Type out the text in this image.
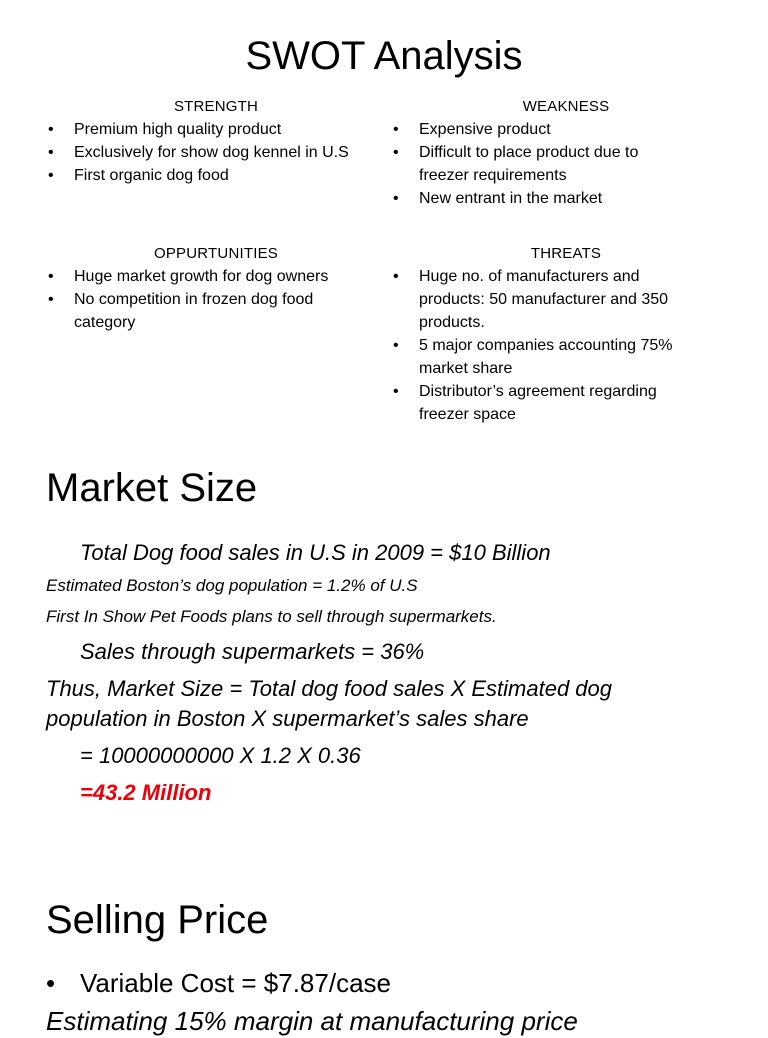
SWOT Analysis
STRENGTH
• Premium high quality product
• Exclusively for show dog kennel in U.S
• First organic dog food
WEAKNESS
• Expensive product
• Difficult to place product due to freezer requirements
• New entrant in the market
OPPURTUNITIES
• Huge market growth for dog owners
• No competition in frozen dog food category
THREATS
• Huge no. of manufacturers and products: 50 manufacturer and 350 products.
• 5 major companies accounting 75% market share
• Distributor’s agreement regarding freezer space
Market Size
Total Dog food sales in U.S in 2009 = $10 Billion
Estimated Boston’s dog population = 1.2% of U.S
First In Show Pet Foods plans to sell through supermarkets.
Sales through supermarkets = 36%
Thus, Market Size = Total dog food sales X Estimated dog
population in Boston X supermarket’s sales share
= 10000000000 X 1.2 X 0.36
=43.2 Million
Selling Price
• Variable Cost = $7.87/case
Estimating 15% margin at manufacturing price
